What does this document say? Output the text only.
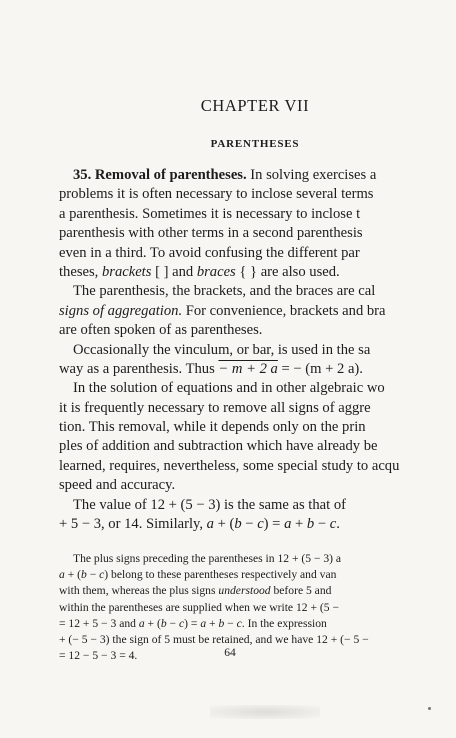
CHAPTER VII
PARENTHESES
35. Removal of parentheses. In solving exercises a
problems it is often necessary to inclose several terms
a parenthesis. Sometimes it is necessary to inclose t
parenthesis with other terms in a second parenthesis
even in a third. To avoid confusing the different par
theses, brackets [ ] and braces { } are also used.
The parenthesis, the brackets, and the braces are cal
signs of aggregation. For convenience, brackets and bra
are often spoken of as parentheses.
Occasionally the vinculum, or bar, is used in the sa
way as a parenthesis. Thus − m + 2 a = − (m + 2 a).
In the solution of equations and in other algebraic wo
it is frequently necessary to remove all signs of aggre
tion. This removal, while it depends only on the prin
ples of addition and subtraction which have already be
learned, requires, nevertheless, some special study to acqu
speed and accuracy.
The value of 12 + (5 − 3) is the same as that of
+ 5 − 3, or 14. Similarly, a + (b − c) = a + b − c.
The plus signs preceding the parentheses in 12 + (5 − 3) a
a + (b − c) belong to these parentheses respectively and van
with them, whereas the plus signs understood before 5 and
within the parentheses are supplied when we write 12 + (5 −
= 12 + 5 − 3 and a + (b − c) = a + b − c. In the expression
+ (− 5 − 3) the sign of 5 must be retained, and we have 12 + (− 5 −
= 12 − 5 − 3 = 4.	64
